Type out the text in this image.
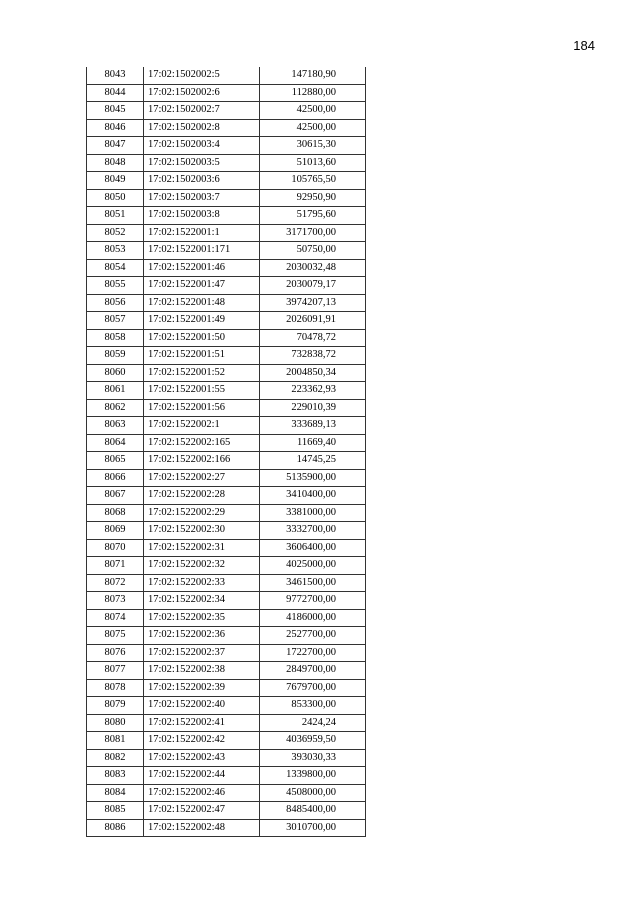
184
8043	17:02:1502002:5	147180,90
8044	17:02:1502002:6	112880,00
8045	17:02:1502002:7	42500,00
8046	17:02:1502002:8	42500,00
8047	17:02:1502003:4	30615,30
8048	17:02:1502003:5	51013,60
8049	17:02:1502003:6	105765,50
8050	17:02:1502003:7	92950,90
8051	17:02:1502003:8	51795,60
8052	17:02:1522001:1	3171700,00
8053	17:02:1522001:171	50750,00
8054	17:02:1522001:46	2030032,48
8055	17:02:1522001:47	2030079,17
8056	17:02:1522001:48	3974207,13
8057	17:02:1522001:49	2026091,91
8058	17:02:1522001:50	70478,72
8059	17:02:1522001:51	732838,72
8060	17:02:1522001:52	2004850,34
8061	17:02:1522001:55	223362,93
8062	17:02:1522001:56	229010,39
8063	17:02:1522002:1	333689,13
8064	17:02:1522002:165	11669,40
8065	17:02:1522002:166	14745,25
8066	17:02:1522002:27	5135900,00
8067	17:02:1522002:28	3410400,00
8068	17:02:1522002:29	3381000,00
8069	17:02:1522002:30	3332700,00
8070	17:02:1522002:31	3606400,00
8071	17:02:1522002:32	4025000,00
8072	17:02:1522002:33	3461500,00
8073	17:02:1522002:34	9772700,00
8074	17:02:1522002:35	4186000,00
8075	17:02:1522002:36	2527700,00
8076	17:02:1522002:37	1722700,00
8077	17:02:1522002:38	2849700,00
8078	17:02:1522002:39	7679700,00
8079	17:02:1522002:40	853300,00
8080	17:02:1522002:41	2424,24
8081	17:02:1522002:42	4036959,50
8082	17:02:1522002:43	393030,33
8083	17:02:1522002:44	1339800,00
8084	17:02:1522002:46	4508000,00
8085	17:02:1522002:47	8485400,00
8086	17:02:1522002:48	3010700,00
